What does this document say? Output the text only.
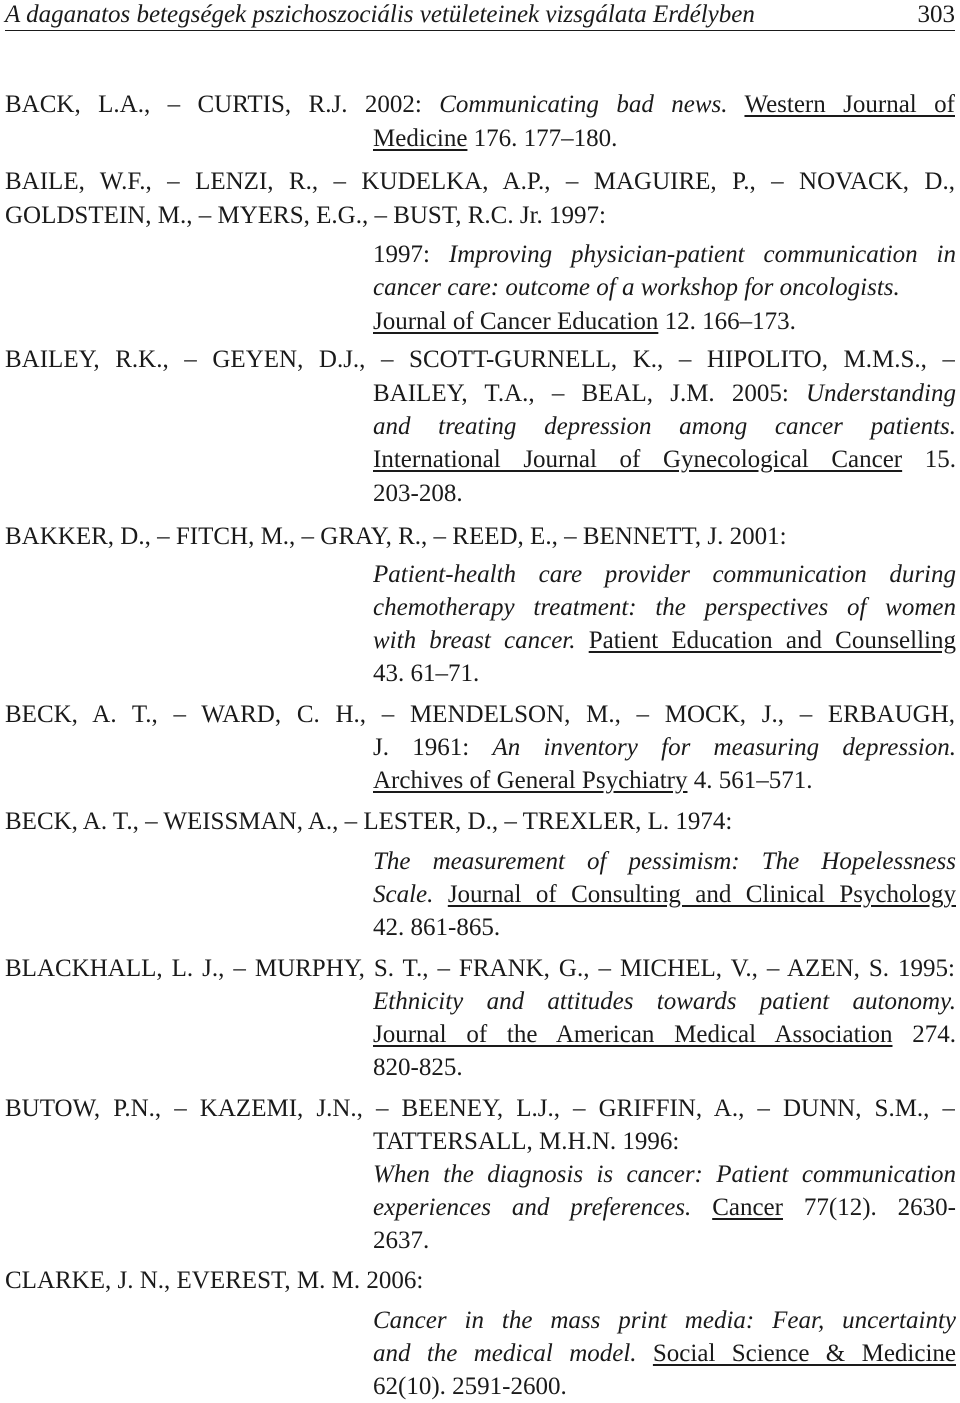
A daganatos betegségek pszichoszociális vetületeinek vizsgálata Erdélyben	303
BACK, L.A., – CURTIS, R.J. 2002: Communicating bad news. Western Journal of
Medicine 176. 177–180.
BAILE, W.F., – LENZI, R., – KUDELKA, A.P., – MAGUIRE, P., – NOVACK, D.,
GOLDSTEIN, M., – MYERS, E.G., – BUST, R.C. Jr. 1997:
1997: Improving physician-patient communication in
cancer care: outcome of a workshop for oncologists.
Journal of Cancer Education 12. 166–173.
BAILEY, R.K., – GEYEN, D.J., – SCOTT-GURNELL, K., – HIPOLITO, M.M.S., –
BAILEY, T.A., – BEAL, J.M. 2005: Understanding
and treating depression among cancer patients.
International Journal of Gynecological Cancer 15.
203-208.
BAKKER, D., – FITCH, M., – GRAY, R., – REED, E., – BENNETT, J. 2001:
Patient-health care provider communication during
chemotherapy treatment: the perspectives of women
with breast cancer. Patient Education and Counselling
43. 61–71.
BECK, A. T., – WARD, C. H., – MENDELSON, M., – MOCK, J., – ERBAUGH,
J. 1961: An inventory for measuring depression.
Archives of General Psychiatry 4. 561–571.
BECK, A. T., – WEISSMAN, A., – LESTER, D., – TREXLER, L. 1974:
The measurement of pessimism: The Hopelessness
Scale. Journal of Consulting and Clinical Psychology
42. 861-865.
BLACKHALL, L. J., – MURPHY, S. T., – FRANK, G., – MICHEL, V., – AZEN, S. 1995:
Ethnicity and attitudes towards patient autonomy.
Journal of the American Medical Association 274.
820-825.
BUTOW, P.N., – KAZEMI, J.N., – BEENEY, L.J., – GRIFFIN, A., – DUNN, S.M., –
TATTERSALL, M.H.N. 1996:
When the diagnosis is cancer: Patient communication
experiences and preferences. Cancer 77(12). 2630-
2637.
CLARKE, J. N., EVEREST, M. M. 2006:
Cancer in the mass print media: Fear, uncertainty
and the medical model. Social Science & Medicine
62(10). 2591-2600.
